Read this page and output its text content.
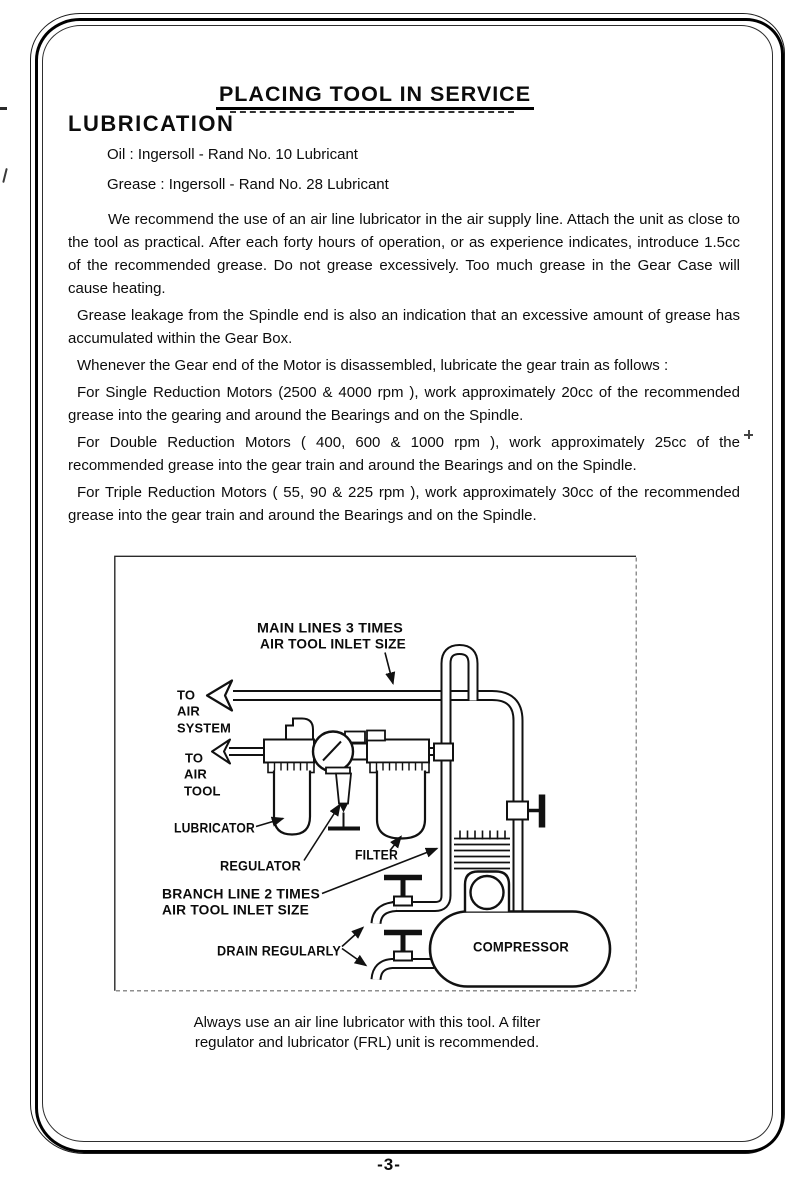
PLACING TOOL IN SERVICE
LUBRICATION
Oil : Ingersoll - Rand No. 10 Lubricant
Grease : Ingersoll - Rand No. 28 Lubricant

We recommend the use of an air line lubricator in the air supply line. Attach the unit as close to the tool as practical. After each forty hours of operation, or as experience indicates, introduce 1.5cc of the recommended grease. Do not grease excessively. Too much grease in the Gear Case will cause heating.

Grease leakage from the Spindle end is also an indication that an excessive amount of grease has accumulated within the Gear Box.

Whenever the Gear end of the Motor is disassembled, lubricate the gear train as follows :

For Single Reduction Motors (2500 & 4000 rpm ), work approximately 20cc of the recommended grease into the gearing and around the Bearings and on the Spindle.

For Double Reduction Motors ( 400, 600 & 1000 rpm ), work approximately 25cc of the recommended grease into the gear train and around the Bearings and on the Spindle.

For Triple Reduction Motors ( 55, 90 & 225 rpm ), work approximately 30cc of the recommended grease into the gear train and around the Bearings and on the Spindle.

MAIN LINES 3 TIMES
AIR TOOL INLET SIZE
TO
AIR
SYSTEM
TO
AIR
TOOL
LUBRICATOR
REGULATOR
FILTER
BRANCH LINE 2 TIMES
AIR TOOL INLET SIZE
DRAIN REGULARLY	COMPRESSOR
Always use an air line lubricator with this tool. A filter
regulator and lubricator (FRL) unit is recommended.
-3-
